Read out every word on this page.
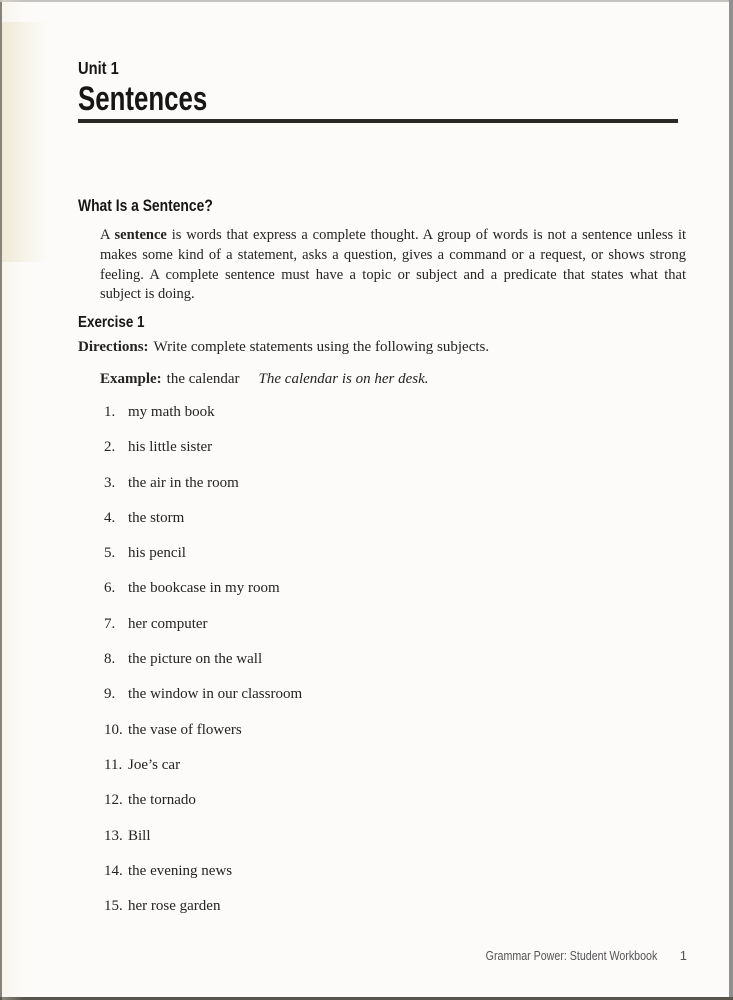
Unit 1
Sentences
What Is a Sentence?

A sentence is words that express a complete thought. A group of words is not a sentence unless it makes some kind of a statement, asks a question, gives a command or a request, or shows strong feeling. A complete sentence must have a topic or subject and a predicate that states what that subject is doing.

Exercise 1

Directions: Write complete statements using the following subjects.

Example: the calendar The calendar is on her desk.

1. my math book
2. his little sister
3. the air in the room
4. the storm
5. his pencil
6. the bookcase in my room
7. her computer
8. the picture on the wall
9. the window in our classroom
10. the vase of flowers
11. Joe’s car
12. the tornado
13. Bill
14. the evening news
15. her rose garden
Grammar Power: Student Workbook 1
